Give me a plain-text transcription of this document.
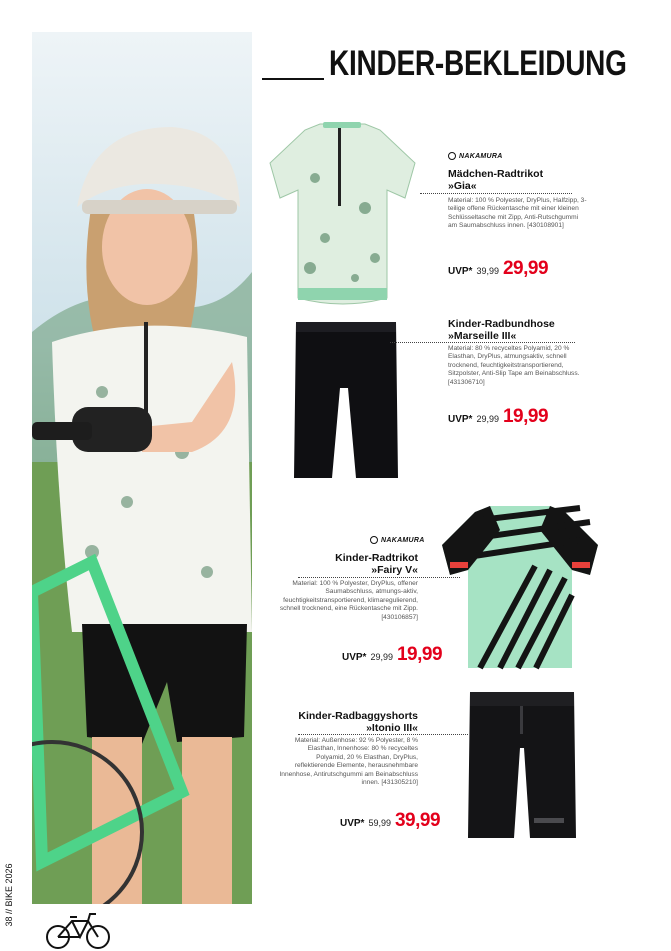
KINDER-BEKLEIDUNG
NAKAMURA
Mädchen-Radtrikot
»Gia«
Material: 100 % Polyester, DryPlus, Halfzipp, 3-teilige offene Rückentasche mit einer kleinen Schlüsseltasche mit Zipp, Anti-Rutschgummi am Saumabschluss innen. [430108901]
UVP* 39,99 29,99
Kinder-Radbundhose
»Marseille III«
Material: 80 % recyceltes Polyamid, 20 % Elasthan, DryPlus, atmungsaktiv, schnell trocknend, feuchtigkeitstransportierend, Sitzpolster, Anti-Slip Tape am Beinabschluss. [431306710]
UVP* 29,99 19,99
NAKAMURA
Kinder-Radtrikot
»Fairy V«
Material: 100 % Polyester, DryPlus, offener Saumabschluss, atmungs-aktiv, feuchtigkeitstransportierend, klimaregulierend, schnell trocknend, eine Rückentasche mit Zipp. [430106857]
UVP* 29,99 19,99
Kinder-Radbaggyshorts
»Itonio III«
Material: Außenhose: 92 % Polyester, 8 % Elasthan, Innenhose: 80 % recyceltes Polyamid, 20 % Elasthan, DryPlus, reflektierende Elemente, herausnehmbare Innenhose, Antirutschgummi am Beinabschluss innen. [431305210]
UVP* 59,99 39,99
38 // BIKE 2026
